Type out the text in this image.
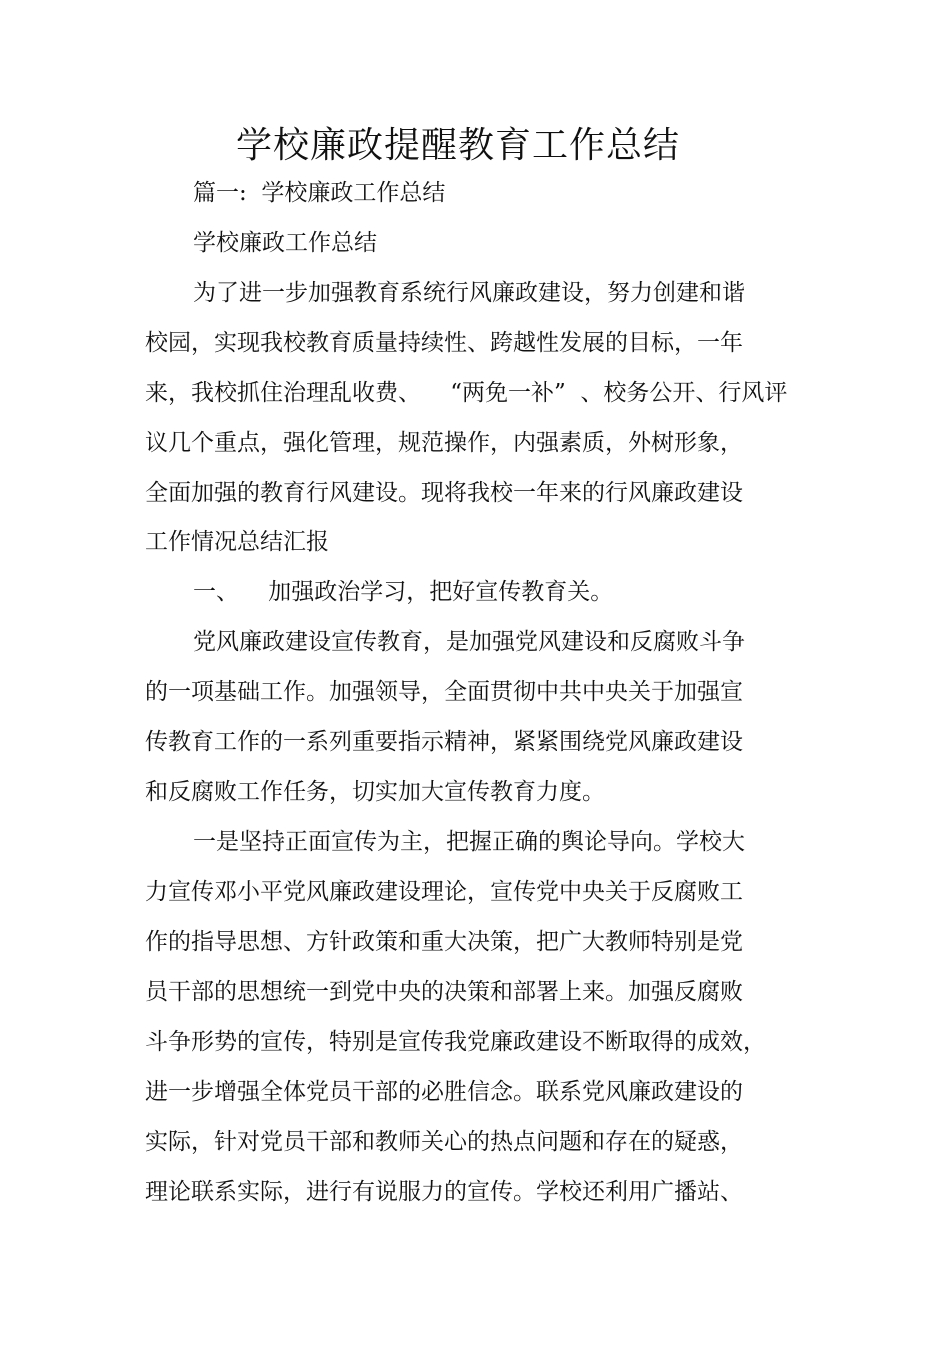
学校廉政提醒教育工作总结
篇一:  学校廉政工作总结
学校廉政工作总结
为了进一步加强教育系统行风廉政建设，努力创建和谐
校园，实现我校教育质量持续性、跨越性发展的目标，一年
来，我校抓住治理乱收费、    “两免一补”  、校务公开、行风评
议几个重点，强化管理，规范操作，内强素质，外树形象，
全面加强的教育行风建设。现将我校一年来的行风廉政建设
工作情况总结汇报
一、    加强政治学习，把好宣传教育关。
党风廉政建设宣传教育，是加强党风建设和反腐败斗争
的一项基础工作。加强领导，全面贯彻中共中央关于加强宣
传教育工作的一系列重要指示精神，紧紧围绕党风廉政建设
和反腐败工作任务，切实加大宣传教育力度。
一是坚持正面宣传为主，把握正确的舆论导向。学校大
力宣传邓小平党风廉政建设理论，宣传党中央关于反腐败工
作的指导思想、方针政策和重大决策，把广大教师特别是党
员干部的思想统一到党中央的决策和部署上来。加强反腐败
斗争形势的宣传，特别是宣传我党廉政建设不断取得的成效，
进一步增强全体党员干部的必胜信念。联系党风廉政建设的
实际，针对党员干部和教师关心的热点问题和存在的疑惑，
理论联系实际，进行有说服力的宣传。学校还利用广播站、
